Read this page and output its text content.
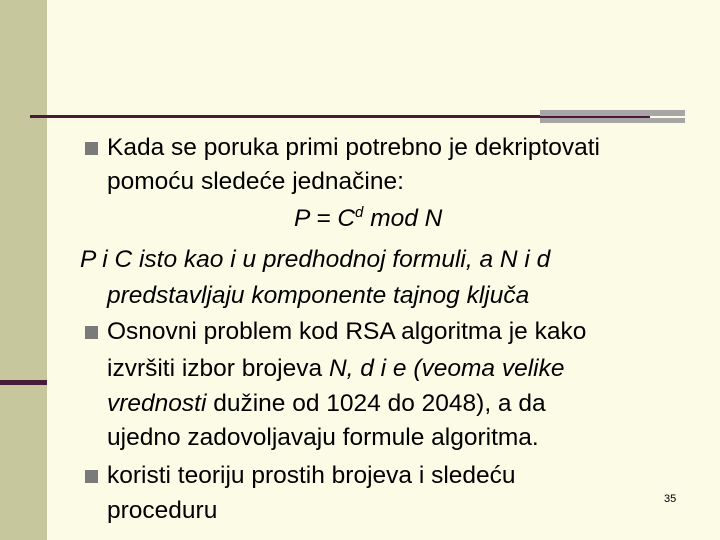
Kada se poruka primi potrebno je dekriptovati
pomoću sledeće jednačine:
$P = C^d$ mod N
P i C isto kao i u predhodnoj formuli, a N i d
predstavljaju komponente tajnog ključa
Osnovni problem kod RSA algoritma je kako
izvršiti izbor brojeva N, d i e (veoma velike
vrednosti dužine od 1024 do 2048), a da
ujedno zadovoljavaju formule algoritma.
koristi teoriju prostih brojeva i sledeću
proceduru	35
